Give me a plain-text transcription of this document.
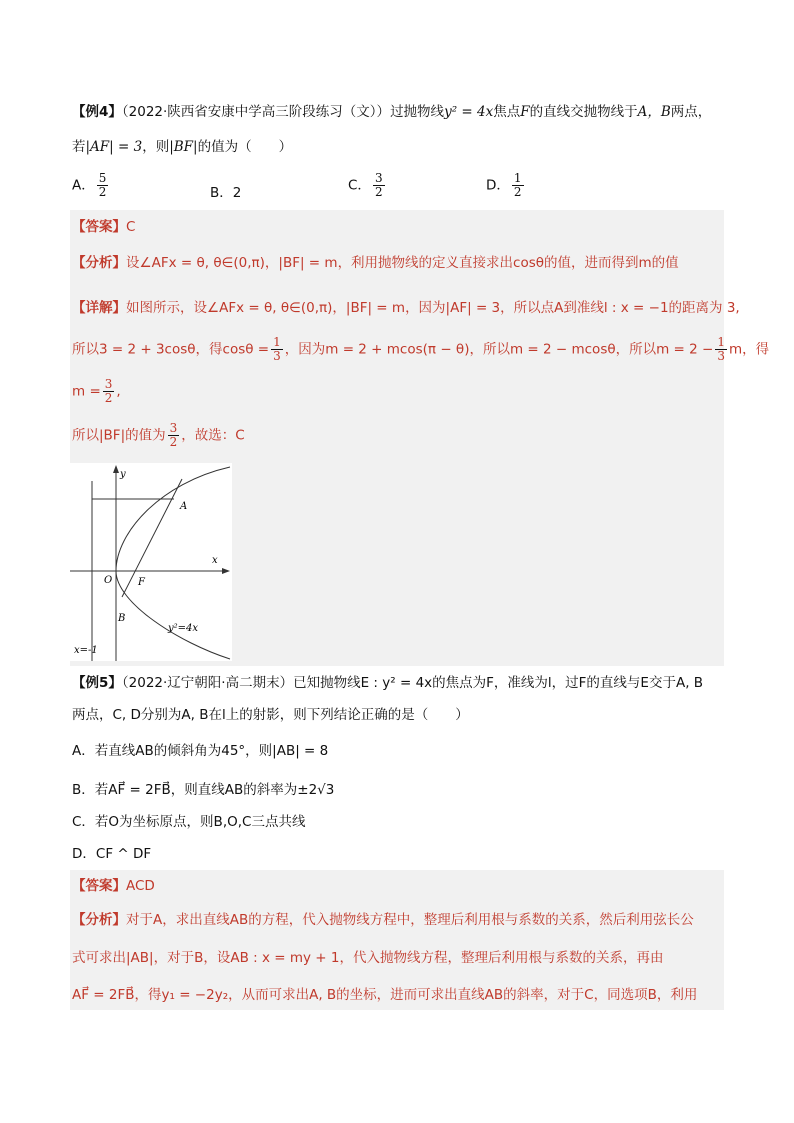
【例4】（2022·陕西省安康中学高三阶段练习（文））过抛物线y² = 4x焦点F的直线交抛物线于A，B两点，
若|AF| = 3，则|BF|的值为（　　）
A． $\frac{5}{2}$	B．2	C． $\frac{3}{2}$	D． $\frac{1}{2}$
【答案】C
【分析】设∠AFx = θ, θ∈(0,π)，|BF| = m，利用抛物线的定义直接求出cosθ的值，进而得到m的值
【详解】如图所示，设∠AFx = θ, θ∈(0,π)，|BF| = m，因为|AF| = 3，所以点A到准线l : x = −1的距离为 3,
所以3 = 2 + 3cosθ，得$\cos\theta = \frac{1}{3}$ ，因为m = 2 + mcos(π − θ)，所以m = 2 − mcosθ，所以$m = 2 - \frac{1}{3}$ m，得
$m = \frac{3}{2}$ ,
所以|BF|的值为 $\frac{3}{2}$ ，故选：C
y
x
O	F
A
B
y²=4x
x=-1
【例5】（2022·辽宁朝阳·高二期末）已知抛物线E : y² = 4x的焦点为F，准线为l，过F的直线与E交于A, B
两点，C, D分别为A, B在l上的射影，则下列结论正确的是（　　）
A．若直线AB的倾斜角为45°，则|AB| = 8
B．若AF⃗ = 2FB⃗，则直线AB的斜率为±2√3
C．若O为坐标原点，则B,O,C三点共线
D．CF ^ DF
【答案】ACD
【分析】对于A，求出直线AB的方程，代入抛物线方程中，整理后利用根与系数的关系，然后利用弦长公
式可求出|AB|，对于B，设AB : x = my + 1，代入抛物线方程，整理后利用根与系数的关系，再由
AF⃗ = 2FB⃗，得y₁ = −2y₂，从而可求出A, B的坐标，进而可求出直线AB的斜率，对于C，同选项B，利用
